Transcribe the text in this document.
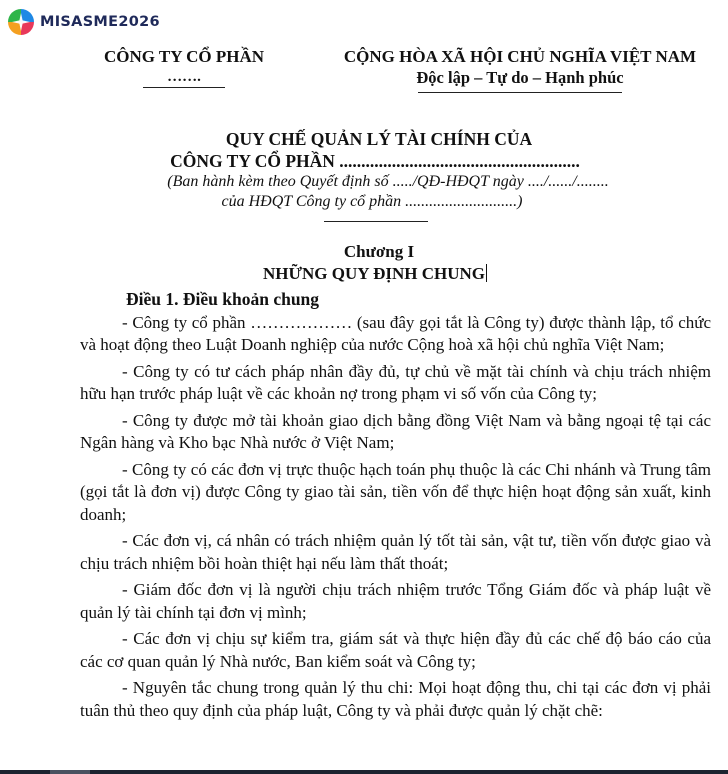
MISASME2026
CÔNG TY CỔ PHẦN
…….
CỘNG HÒA XÃ HỘI CHỦ NGHĨA VIỆT NAM
Độc lập – Tự do – Hạnh phúc
QUY CHẾ QUẢN LÝ TÀI CHÍNH CỦA
CÔNG TY CỔ PHẦN .......................................................
(Ban hành kèm theo Quyết định số ...../QĐ-HĐQT ngày ..../....../........
của HĐQT Công ty cổ phần ............................)
Chương I
NHỮNG QUY ĐỊNH CHUNG
Điều 1. Điều khoản chung

- Công ty cổ phần ……………… (sau đây gọi tắt là Công ty) được thành lập, tổ chức và hoạt động theo Luật Doanh nghiệp của nước Cộng hoà xã hội chủ nghĩa Việt Nam;

- Công ty có tư cách pháp nhân đầy đủ, tự chủ về mặt tài chính và chịu trách nhiệm hữu hạn trước pháp luật về các khoản nợ trong phạm vi số vốn của Công ty;

- Công ty được mở tài khoản giao dịch bằng đồng Việt Nam và bằng ngoại tệ tại các Ngân hàng và Kho bạc Nhà nước ở Việt Nam;

- Công ty có các đơn vị trực thuộc hạch toán phụ thuộc là các Chi nhánh và Trung tâm (gọi tắt là đơn vị) được Công ty giao tài sản, tiền vốn để thực hiện hoạt động sản xuất, kinh doanh;

- Các đơn vị, cá nhân có trách nhiệm quản lý tốt tài sản, vật tư, tiền vốn được giao và chịu trách nhiệm bồi hoàn thiệt hại nếu làm thất thoát;

- Giám đốc đơn vị là người chịu trách nhiệm trước Tổng Giám đốc và pháp luật về quản lý tài chính tại đơn vị mình;

- Các đơn vị chịu sự kiểm tra, giám sát và thực hiện đầy đủ các chế độ báo cáo của các cơ quan quản lý Nhà nước, Ban kiểm soát và Công ty;

- Nguyên tắc chung trong quản lý thu chi: Mọi hoạt động thu, chi tại các đơn vị phải tuân thủ theo quy định của pháp luật, Công ty và phải được quản lý chặt chẽ:
